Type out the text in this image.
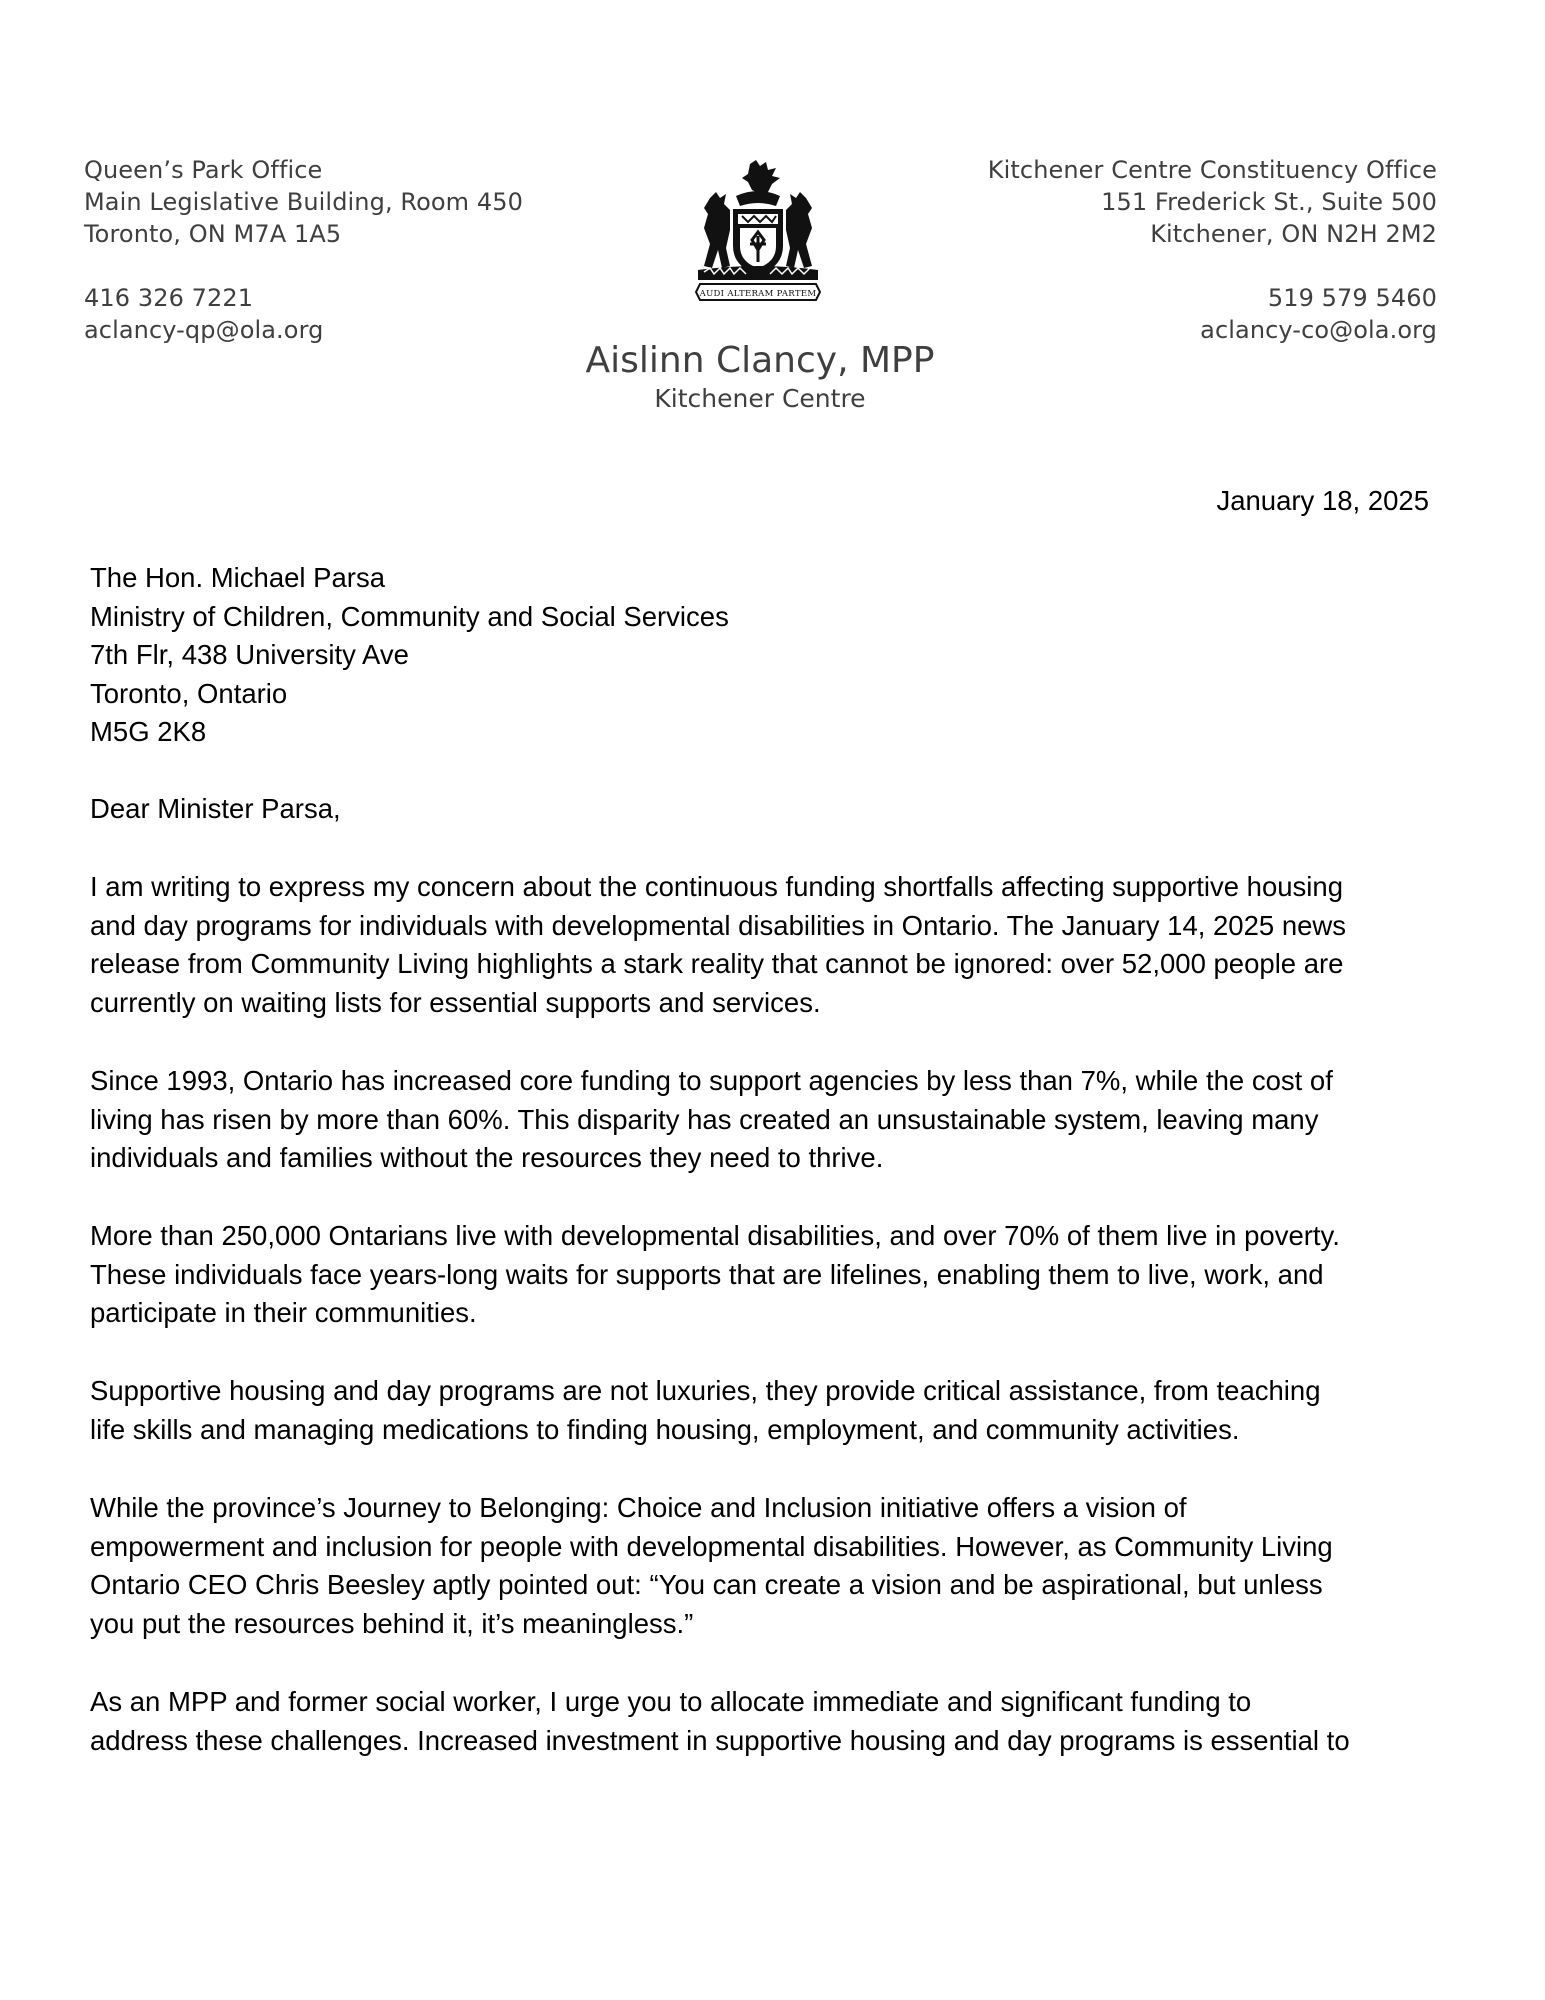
Queen’s Park Office
Main Legislative Building, Room 450
Toronto, ON M7A 1A5
416 326 7221
aclancy-qp@ola.org
AUDI ALTERAM PARTEM
Aislinn Clancy, MPP
Kitchener Centre
Kitchener Centre Constituency Office
151 Frederick St., Suite 500
Kitchener, ON N2H 2M2
519 579 5460
aclancy-co@ola.org
January 18, 2025
The Hon. Michael Parsa
Ministry of Children, Community and Social Services
7th Flr, 438 University Ave
Toronto, Ontario
M5G 2K8
Dear Minister Parsa,
I am writing to express my concern about the continuous funding shortfalls affecting supportive housing
and day programs for individuals with developmental disabilities in Ontario. The January 14, 2025 news
release from Community Living highlights a stark reality that cannot be ignored: over 52,000 people are
currently on waiting lists for essential supports and services.
Since 1993, Ontario has increased core funding to support agencies by less than 7%, while the cost of
living has risen by more than 60%. This disparity has created an unsustainable system, leaving many
individuals and families without the resources they need to thrive.
More than 250,000 Ontarians live with developmental disabilities, and over 70% of them live in poverty.
These individuals face years-long waits for supports that are lifelines, enabling them to live, work, and
participate in their communities.
Supportive housing and day programs are not luxuries, they provide critical assistance, from teaching
life skills and managing medications to finding housing, employment, and community activities.
While the province’s Journey to Belonging: Choice and Inclusion initiative offers a vision of
empowerment and inclusion for people with developmental disabilities. However, as Community Living
Ontario CEO Chris Beesley aptly pointed out: “You can create a vision and be aspirational, but unless
you put the resources behind it, it’s meaningless.”
As an MPP and former social worker, I urge you to allocate immediate and significant funding to
address these challenges. Increased investment in supportive housing and day programs is essential to
